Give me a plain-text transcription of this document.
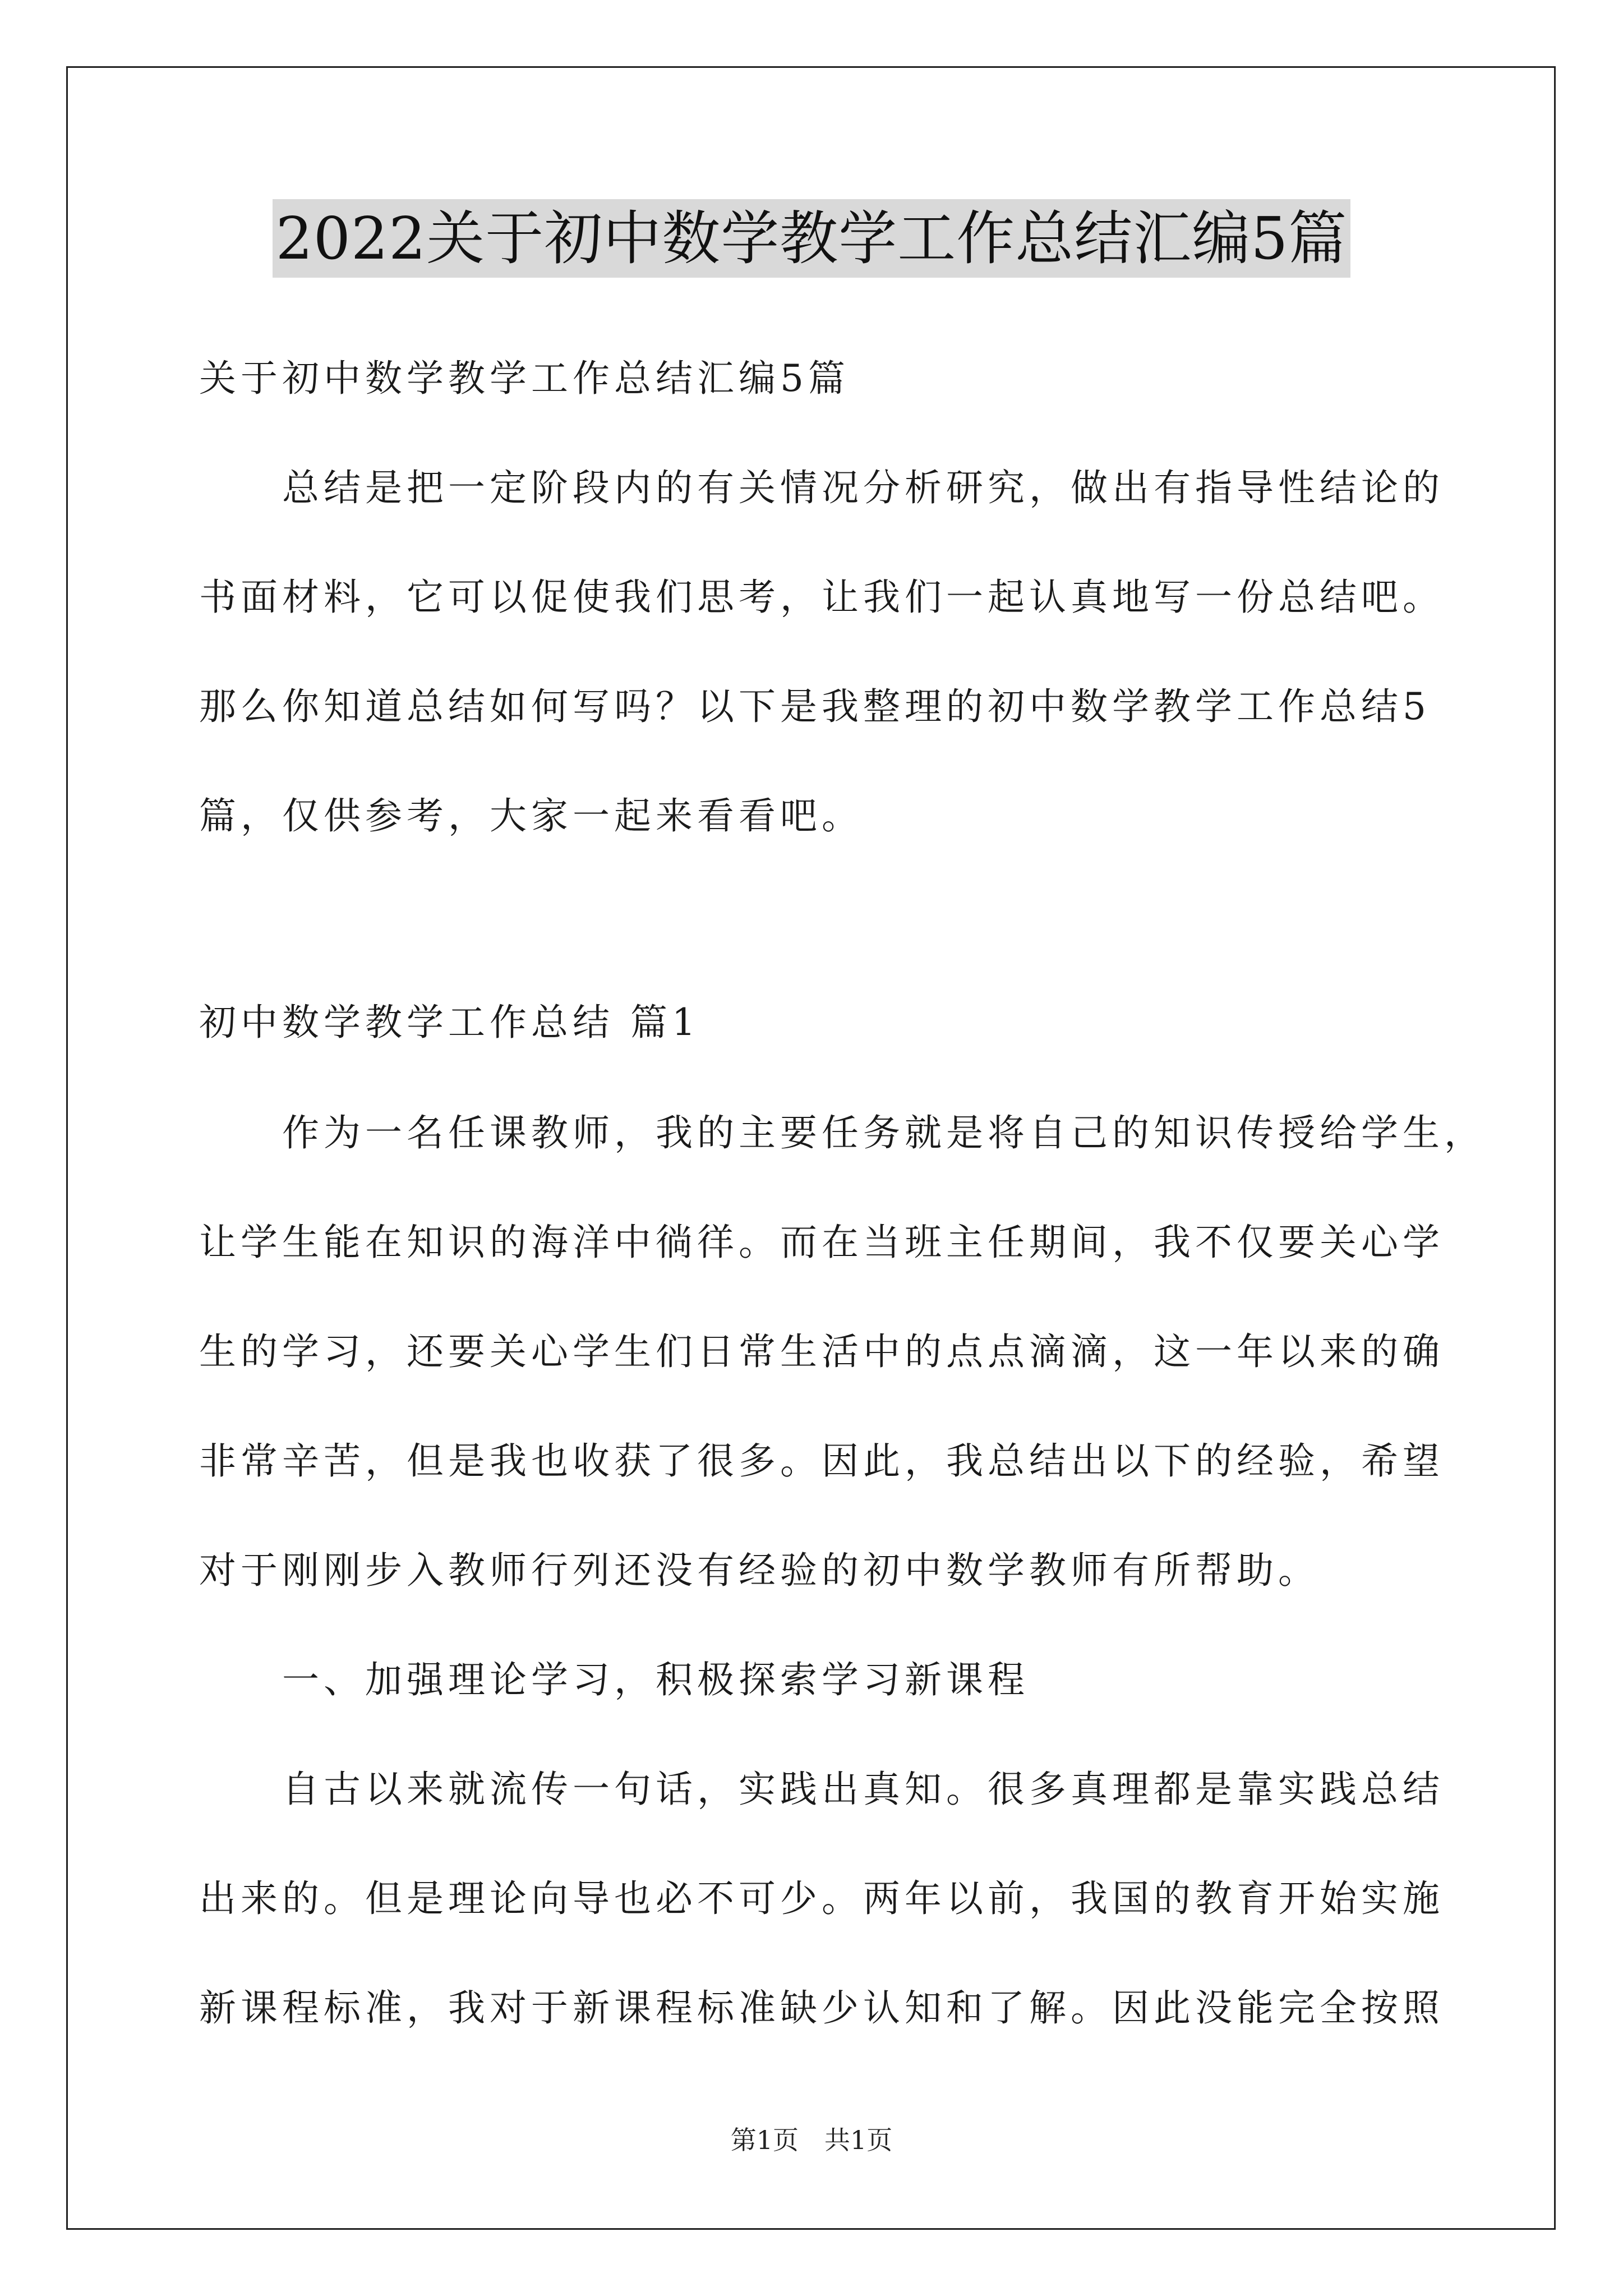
2022关于初中数学教学工作总结汇编5篇
关于初中数学教学工作总结汇编5篇
　　总结是把一定阶段内的有关情况分析研究，做出有指导性结论的
书面材料，它可以促使我们思考，让我们一起认真地写一份总结吧。
那么你知道总结如何写吗？以下是我整理的初中数学教学工作总结5
篇，仅供参考，大家一起来看看吧。
初中数学教学工作总结 篇1
　　作为一名任课教师，我的主要任务就是将自己的知识传授给学生，
让学生能在知识的海洋中徜徉。而在当班主任期间，我不仅要关心学
生的学习，还要关心学生们日常生活中的点点滴滴，这一年以来的确
非常辛苦，但是我也收获了很多。因此，我总结出以下的经验，希望
对于刚刚步入教师行列还没有经验的初中数学教师有所帮助。
　　一、加强理论学习，积极探索学习新课程
　　自古以来就流传一句话，实践出真知。很多真理都是靠实践总结
出来的。但是理论向导也必不可少。两年以前，我国的教育开始实施
新课程标准，我对于新课程标准缺少认知和了解。因此没能完全按照
第1页　共1页
